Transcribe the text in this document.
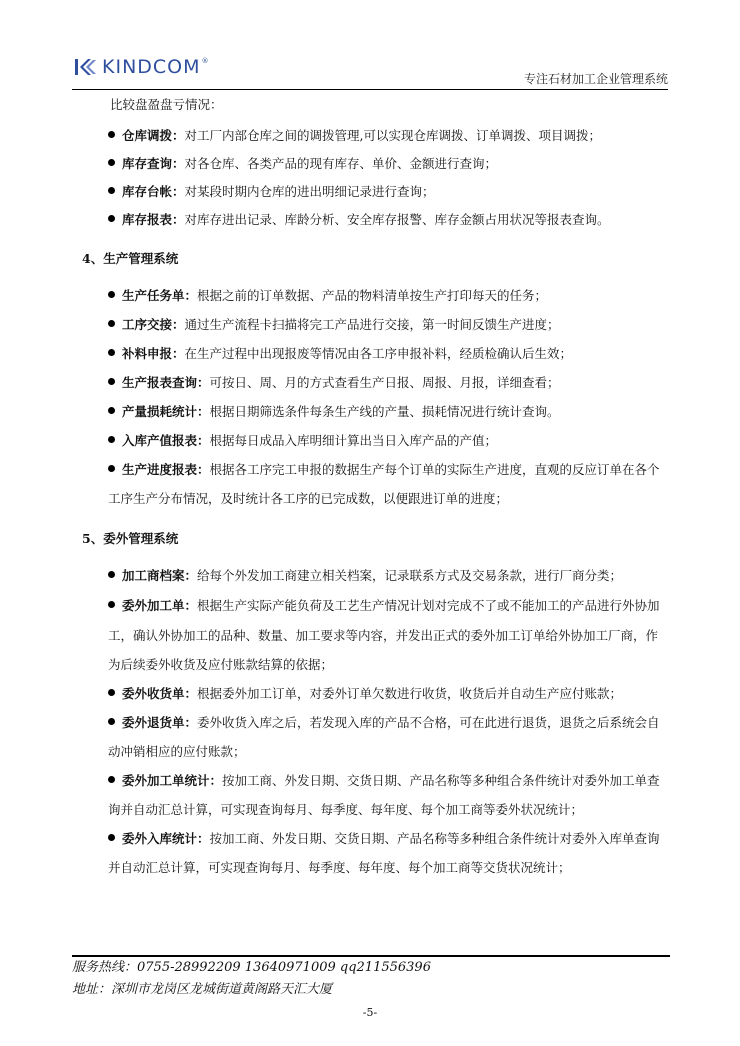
KINDCOM ®
专注石材加工企业管理系统
比较盘盈盘亏情况：
仓库调拨：对工厂内部仓库之间的调拨管理,可以实现仓库调拨、订单调拨、项目调拨；
库存查询：对各仓库、各类产品的现有库存、单价、金额进行查询；
库存台帐：对某段时期内仓库的进出明细记录进行查询；
库存报表：对库存进出记录、库龄分析、安全库存报警、库存金额占用状况等报表查询。
4、生产管理系统
生产任务单：根据之前的订单数据、产品的物料清单按生产打印每天的任务；
工序交接：通过生产流程卡扫描将完工产品进行交接，第一时间反馈生产进度；
补料申报：在生产过程中出现报废等情况由各工序申报补料，经质检确认后生效；
生产报表查询：可按日、周、月的方式查看生产日报、周报、月报，详细查看；
产量损耗统计：根据日期筛选条件每条生产线的产量、损耗情况进行统计查询。
入库产值报表：根据每日成品入库明细计算出当日入库产品的产值；
生产进度报表：根据各工序完工申报的数据生产每个订单的实际生产进度，直观的反应订单在各个
工序生产分布情况，及时统计各工序的已完成数，以便跟进订单的进度；
5、委外管理系统
加工商档案：给每个外发加工商建立相关档案，记录联系方式及交易条款，进行厂商分类；
委外加工单：根据生产实际产能负荷及工艺生产情况计划对完成不了或不能加工的产品进行外协加
工，确认外协加工的品种、数量、加工要求等内容，并发出正式的委外加工订单给外协加工厂商，作
为后续委外收货及应付账款结算的依据；
委外收货单：根据委外加工订单，对委外订单欠数进行收货，收货后并自动生产应付账款；
委外退货单：委外收货入库之后，若发现入库的产品不合格，可在此进行退货，退货之后系统会自
动冲销相应的应付账款；
委外加工单统计：按加工商、外发日期、交货日期、产品名称等多种组合条件统计对委外加工单查
询并自动汇总计算，可实现查询每月、每季度、每年度、每个加工商等委外状况统计；
委外入库统计：按加工商、外发日期、交货日期、产品名称等多种组合条件统计对委外入库单查询
并自动汇总计算，可实现查询每月、每季度、每年度、每个加工商等交货状况统计；
服务热线：0755-28992209 13640971009 qq211556396
地址：深圳市龙岗区龙城街道黄阁路天汇大厦
-5-
